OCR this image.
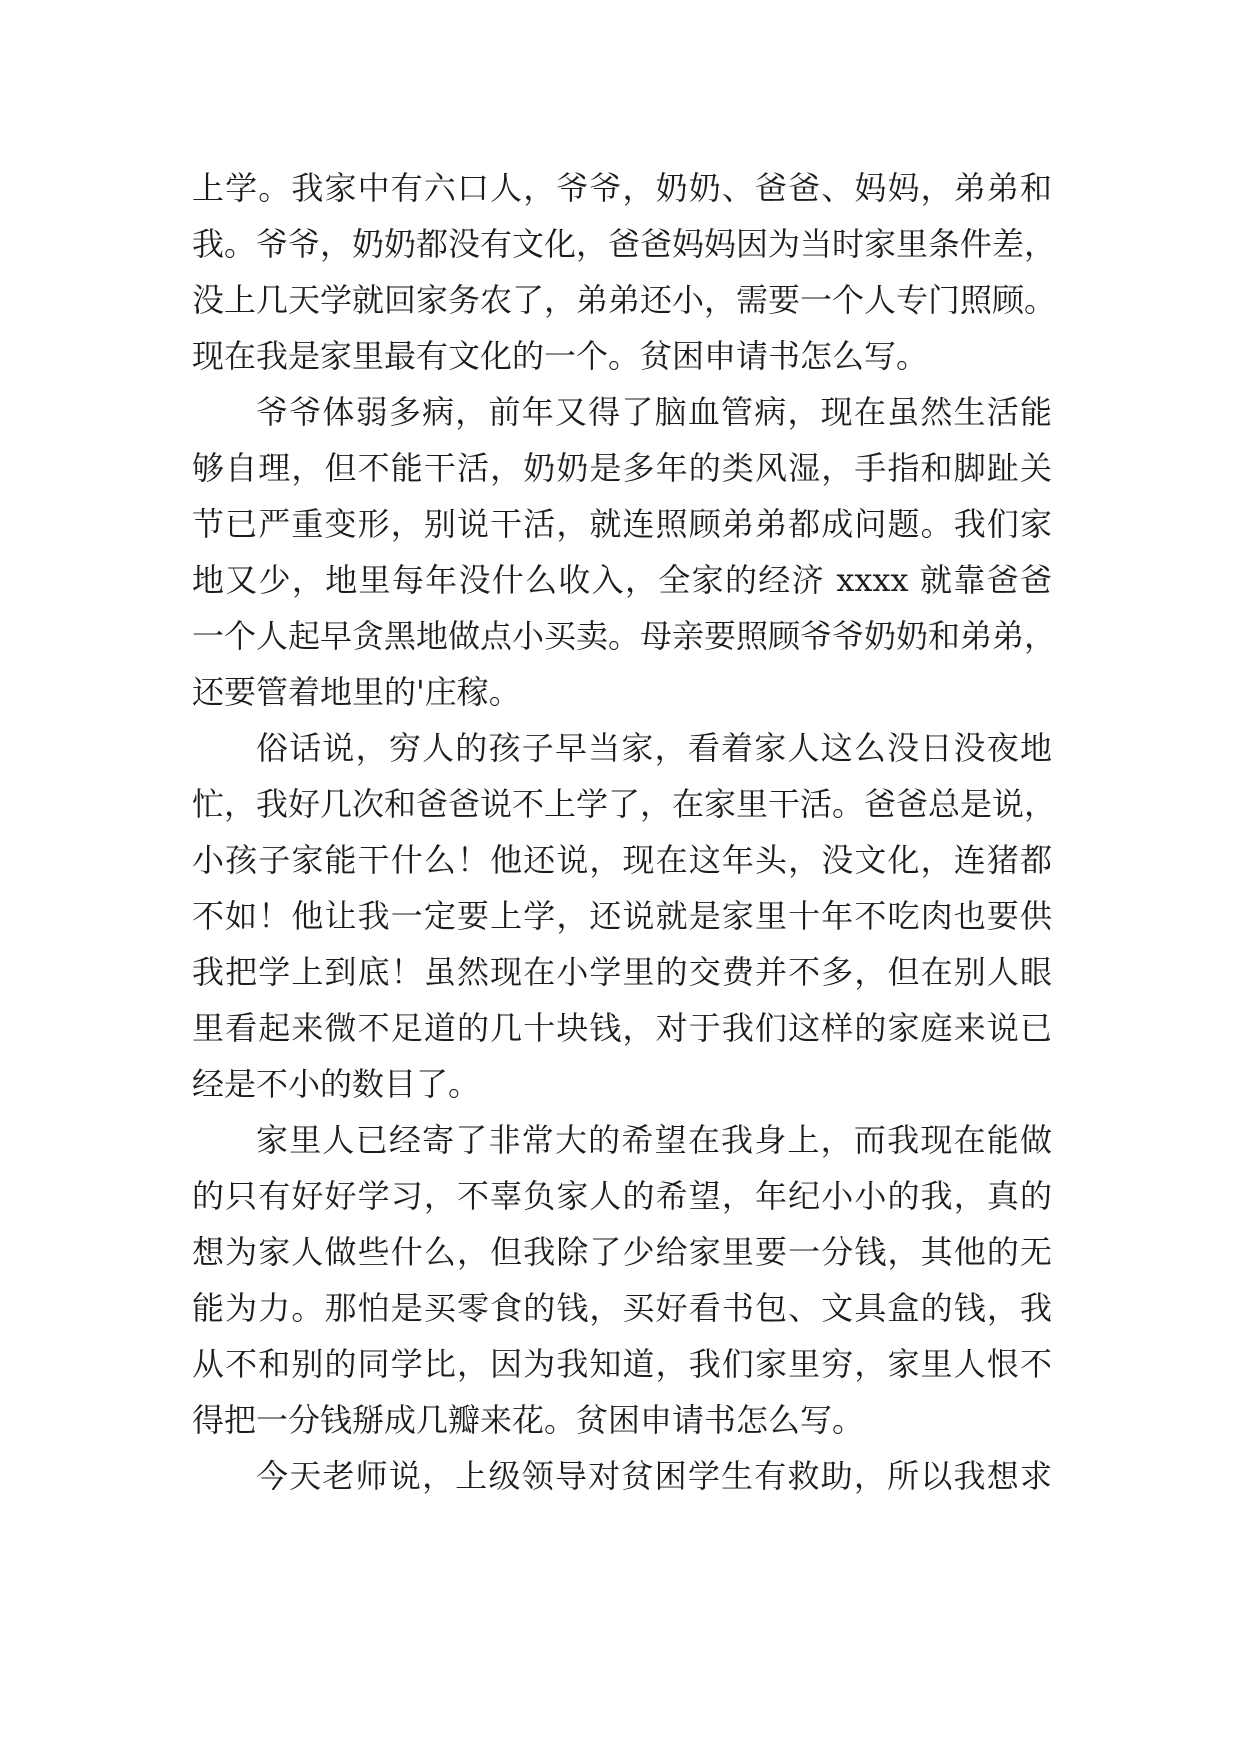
上学。我家中有六口人，爷爷，奶奶、爸爸、妈妈，弟弟和
我。爷爷，奶奶都没有文化，爸爸妈妈因为当时家里条件差，
没上几天学就回家务农了，弟弟还小，需要一个人专门照顾。
现在我是家里最有文化的一个。贫困申请书怎么写。
爷爷体弱多病，前年又得了脑血管病，现在虽然生活能
够自理，但不能干活，奶奶是多年的类风湿，手指和脚趾关
节已严重变形，别说干活，就连照顾弟弟都成问题。我们家
地又少，地里每年没什么收入，全家的经济 xxxx 就靠爸爸
一个人起早贪黑地做点小买卖。母亲要照顾爷爷奶奶和弟弟，
还要管着地里的'庄稼。
俗话说，穷人的孩子早当家，看着家人这么没日没夜地
忙，我好几次和爸爸说不上学了，在家里干活。爸爸总是说，
小孩子家能干什么！他还说，现在这年头，没文化，连猪都
不如！他让我一定要上学，还说就是家里十年不吃肉也要供
我把学上到底！虽然现在小学里的交费并不多，但在别人眼
里看起来微不足道的几十块钱，对于我们这样的家庭来说已
经是不小的数目了。
家里人已经寄了非常大的希望在我身上，而我现在能做
的只有好好学习，不辜负家人的希望，年纪小小的我，真的
想为家人做些什么，但我除了少给家里要一分钱，其他的无
能为力。那怕是买零食的钱，买好看书包、文具盒的钱，我
从不和别的同学比，因为我知道，我们家里穷，家里人恨不
得把一分钱掰成几瓣来花。贫困申请书怎么写。
今天老师说，上级领导对贫困学生有救助，所以我想求
